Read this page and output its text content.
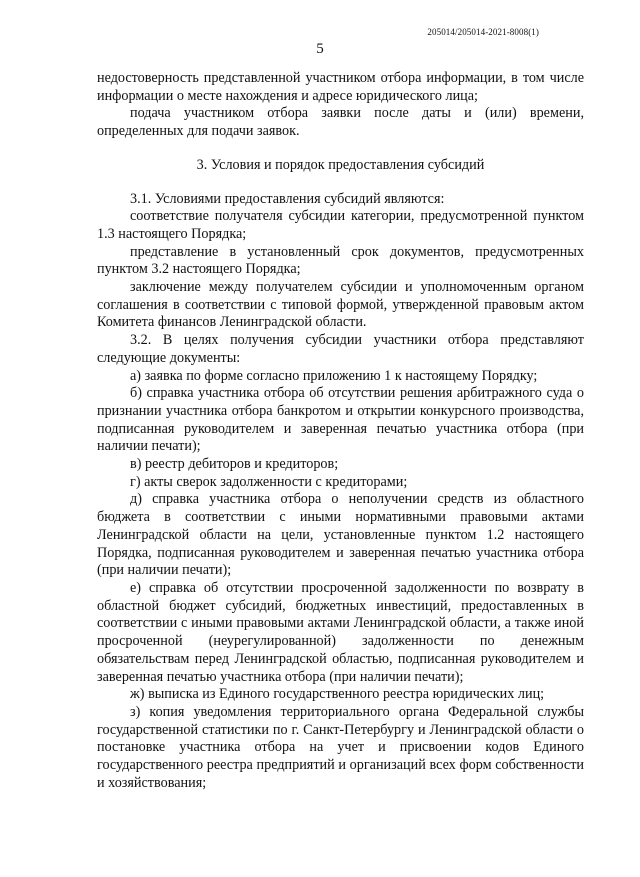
205014/205014-2021-8008(1)
5

недостоверность представленной участником отбора информации, в том числе информации о месте нахождения и адресе юридического лица;

подача участником отбора заявки после даты и (или) времени, определенных для подачи заявок.

3. Условия и порядок предоставления субсидий

3.1. Условиями предоставления субсидий являются:

соответствие получателя субсидии категории, предусмотренной пунктом 1.3 настоящего Порядка;

представление в установленный срок документов, предусмотренных пунктом 3.2 настоящего Порядка;

заключение между получателем субсидии и уполномоченным органом соглашения в соответствии с типовой формой, утвержденной правовым актом Комитета финансов Ленинградской области.

3.2. В целях получения субсидии участники отбора представляют следующие документы:

а) заявка по форме согласно приложению 1 к настоящему Порядку;

б) справка участника отбора об отсутствии решения арбитражного суда о признании участника отбора банкротом и открытии конкурсного производства, подписанная руководителем и заверенная печатью участника отбора (при наличии печати);

в) реестр дебиторов и кредиторов;

г) акты сверок задолженности с кредиторами;

д) справка участника отбора о неполучении средств из областного бюджета в соответствии с иными нормативными правовыми актами Ленинградской области на цели, установленные пунктом 1.2 настоящего Порядка, подписанная руководителем и заверенная печатью участника отбора (при наличии печати);

е) справка об отсутствии просроченной задолженности по возврату в областной бюджет субсидий, бюджетных инвестиций, предоставленных в соответствии с иными правовыми актами Ленинградской области, а также иной просроченной (неурегулированной) задолженности по денежным обязательствам перед Ленинградской областью, подписанная руководителем и заверенная печатью участника отбора (при наличии печати);

ж) выписка из Единого государственного реестра юридических лиц;

з) копия уведомления территориального органа Федеральной службы государственной статистики по г. Санкт-Петербургу и Ленинградской области о постановке участника отбора на учет и присвоении кодов Единого государственного реестра предприятий и организаций всех форм собственности и хозяйствования;
